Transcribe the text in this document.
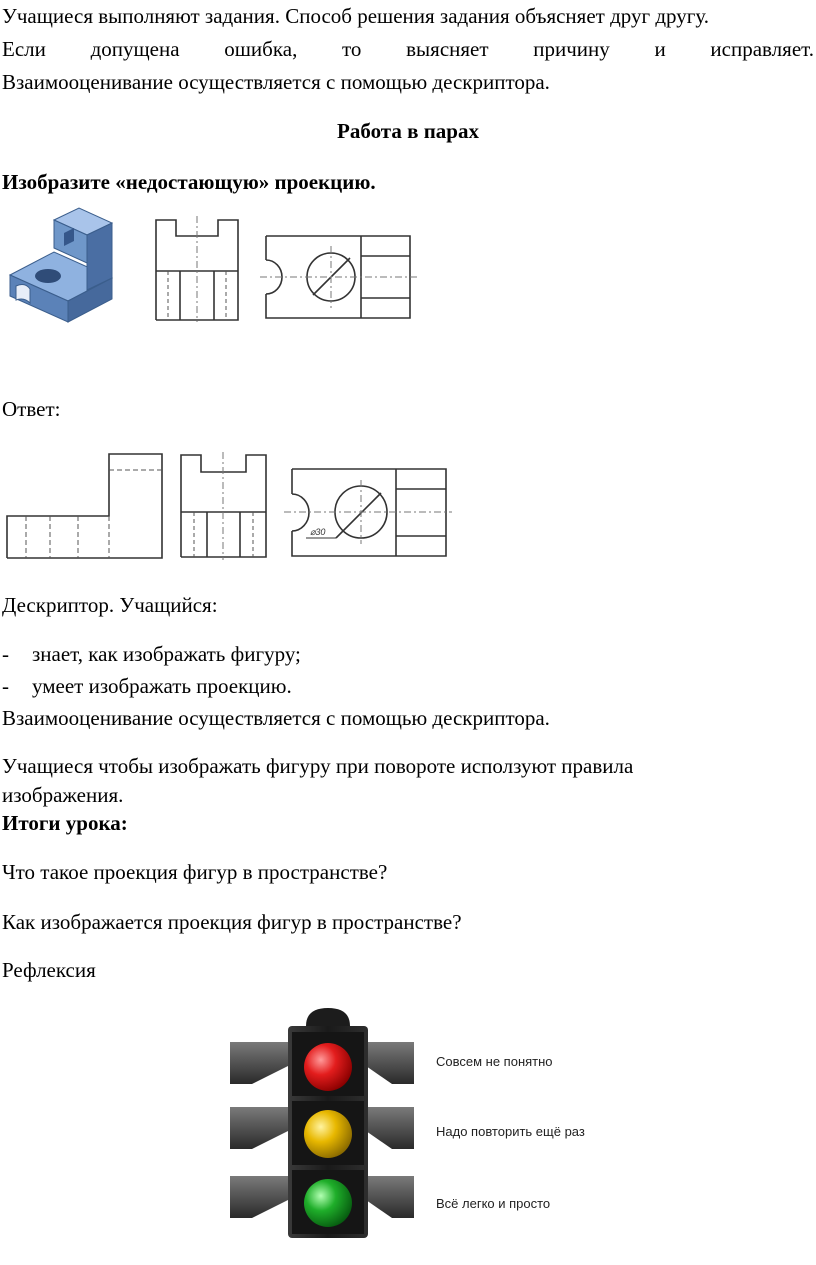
Учащиеся выполняют задания. Способ решения задания объясняет друг другу.
Если допущена ошибка, то выясняет причину и исправляет.
Взаимооценивание осуществляется с помощью дескриптора.
Работа в парах
Изобразите «недостающую» проекцию.
Ответ:
⌀30
Дескриптор. Учащийся:
- знает, как изображать фигуру;
- умеет изображать проекцию.
Взаимооценивание осуществляется с помощью дескриптора.
Учащиеся чтобы изображать фигуру при повороте исползуют правила
изображения.
Итоги урока:
Что такое проекция фигур в пространстве?
Как изображается проекция фигур в пространстве?
Рефлексия
Совсем не понятно
Надо повторить ещё раз
Всё легко и просто
